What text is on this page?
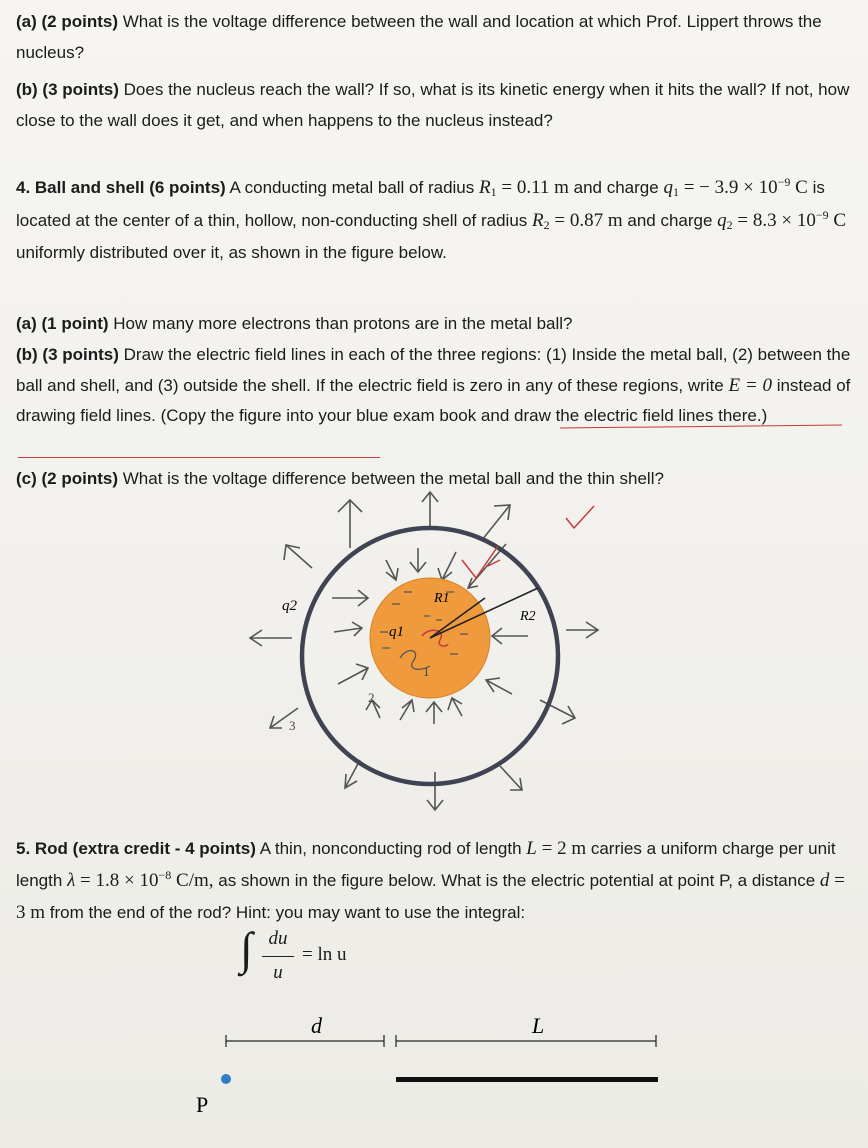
(a) (2 points) What is the voltage difference between the wall and location at which Prof. Lippert throws the nucleus?
(b) (3 points) Does the nucleus reach the wall? If so, what is its kinetic energy when it hits the wall? If not, how close to the wall does it get, and when happens to the nucleus instead?
4. Ball and shell (6 points) A conducting metal ball of radius $R_1 = 0.11$ m and charge $q_1$ = − $3.9 \times 10^{-9}$ C is located at the center of a thin, hollow, non-conducting shell of radius $R_2 = 0.87$ m and charge $q_2 = 8.3 \times 10^{-9}$ C uniformly distributed over it, as shown in the figure below.
(a) (1 point) How many more electrons than protons are in the metal ball?
(b) (3 points) Draw the electric field lines in each of the three regions: (1) Inside the metal ball, (2) between the ball and shell, and (3) outside the shell. If the electric field is zero in any of these regions, write E = 0 instead of drawing field lines. (Copy the figure into your blue exam book and draw the electric field lines there.)
(c) (2 points) What is the voltage difference between the metal ball and the thin shell?
R1
R2
q2
q1
1
2
3
5. Rod (extra credit - 4 points) A thin, nonconducting rod of length L = 2 m carries a uniform charge per unit length $\lambda = 1.8 \times 10^{-8}$ C/m, as shown in the figure below. What is the electric potential at point P, a distance d = 3 m from the end of the rod? Hint: you may want to use the integral:
∫ du
u
= ln u
d	L
P
